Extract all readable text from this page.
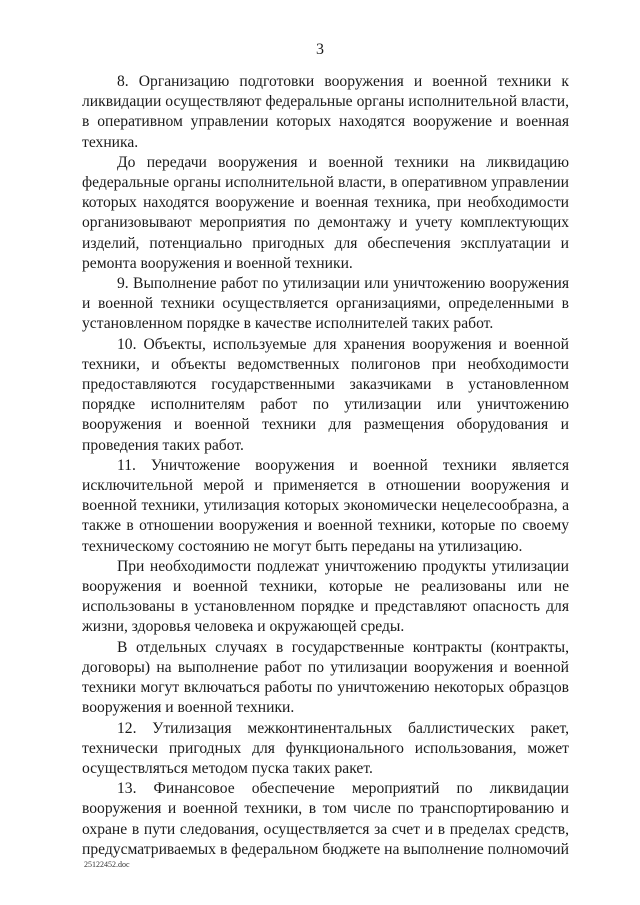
3

8. Организацию подготовки вооружения и военной техники к ликвидации осуществляют федеральные органы исполнительной власти, в оперативном управлении которых находятся вооружение и военная техника.

До передачи вооружения и военной техники на ликвидацию федеральные органы исполнительной власти, в оперативном управлении которых находятся вооружение и военная техника, при необходимости организовывают мероприятия по демонтажу и учету комплектующих изделий, потенциально пригодных для обеспечения эксплуатации и ремонта вооружения и военной техники.

9. Выполнение работ по утилизации или уничтожению вооружения и военной техники осуществляется организациями, определенными в установленном порядке в качестве исполнителей таких работ.

10. Объекты, используемые для хранения вооружения и военной техники, и объекты ведомственных полигонов при необходимости предоставляются государственными заказчиками в установленном порядке исполнителям работ по утилизации или уничтожению вооружения и военной техники для размещения оборудования и проведения таких работ.

11. Уничтожение вооружения и военной техники является исключительной мерой и применяется в отношении вооружения и военной техники, утилизация которых экономически нецелесообразна, а также в отношении вооружения и военной техники, которые по своему техническому состоянию не могут быть переданы на утилизацию.

При необходимости подлежат уничтожению продукты утилизации вооружения и военной техники, которые не реализованы или не использованы в установленном порядке и представляют опасность для жизни, здоровья человека и окружающей среды.

В отдельных случаях в государственные контракты (контракты, договоры) на выполнение работ по утилизации вооружения и военной техники могут включаться работы по уничтожению некоторых образцов вооружения и военной техники.

12. Утилизация межконтинентальных баллистических ракет, технически пригодных для функционального использования, может осуществляться методом пуска таких ракет.

13. Финансовое обеспечение мероприятий по ликвидации вооружения и военной техники, в том числе по транспортированию и охране в пути следования, осуществляется за счет и в пределах средств, предусматриваемых в федеральном бюджете на выполнение полномочий

25122452.doc
